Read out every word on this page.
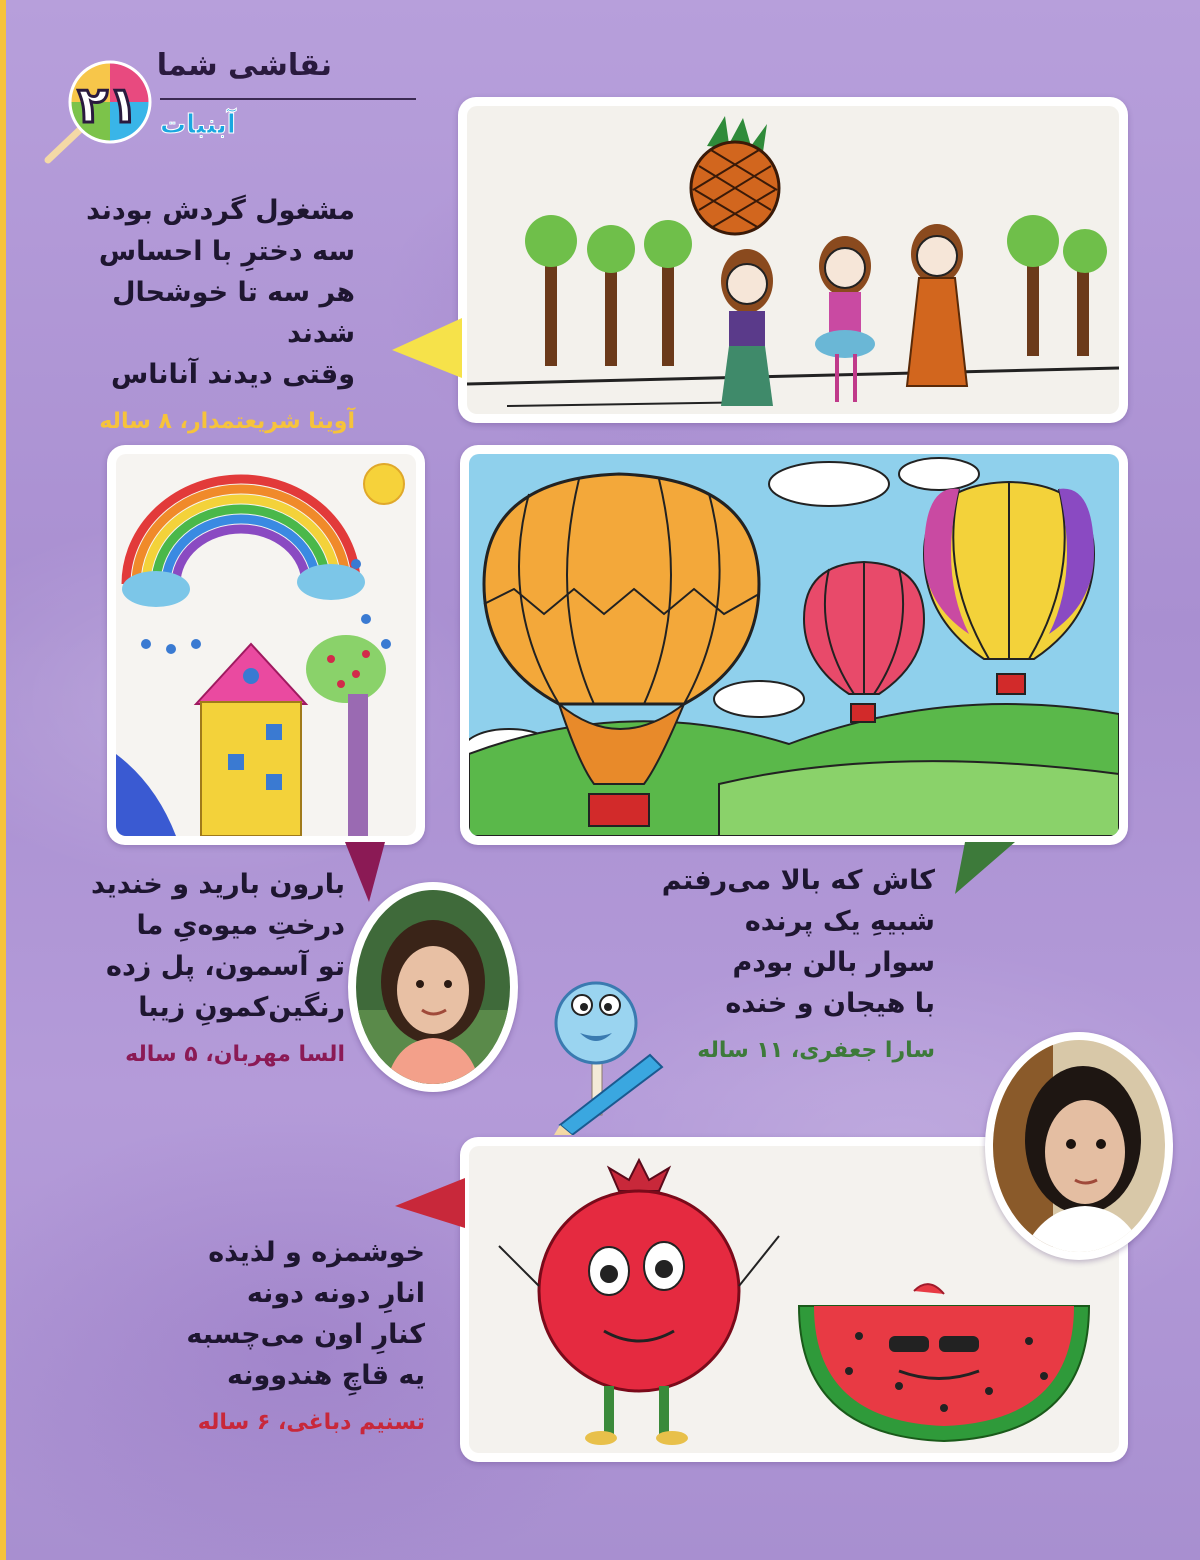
نقاشی شما
۲۱ آبنبات
مشغول گردش بودند
سه دخترِ با احساس
هر سه تا خوشحال شدند
وقتی دیدند آناناس
آوینا شریعتمدار، ۸ ساله
بارون بارید و خندید
درختِ میوه‌یِ ما
تو آسمون، پل زده
رنگین‌کمونِ زیبا
السا مهربان، ۵ ساله
کاش که بالا می‌رفتم
شبیهِ یک پرنده
سوار بالن بودم
با هیجان و خنده
سارا جعفری، ۱۱ ساله
خوشمزه و لذیذه
انارِ دونه دونه
کنارِ اون می‌چسبه
یه قاچِ هندوونه
تسنیم دباغی، ۶ ساله
